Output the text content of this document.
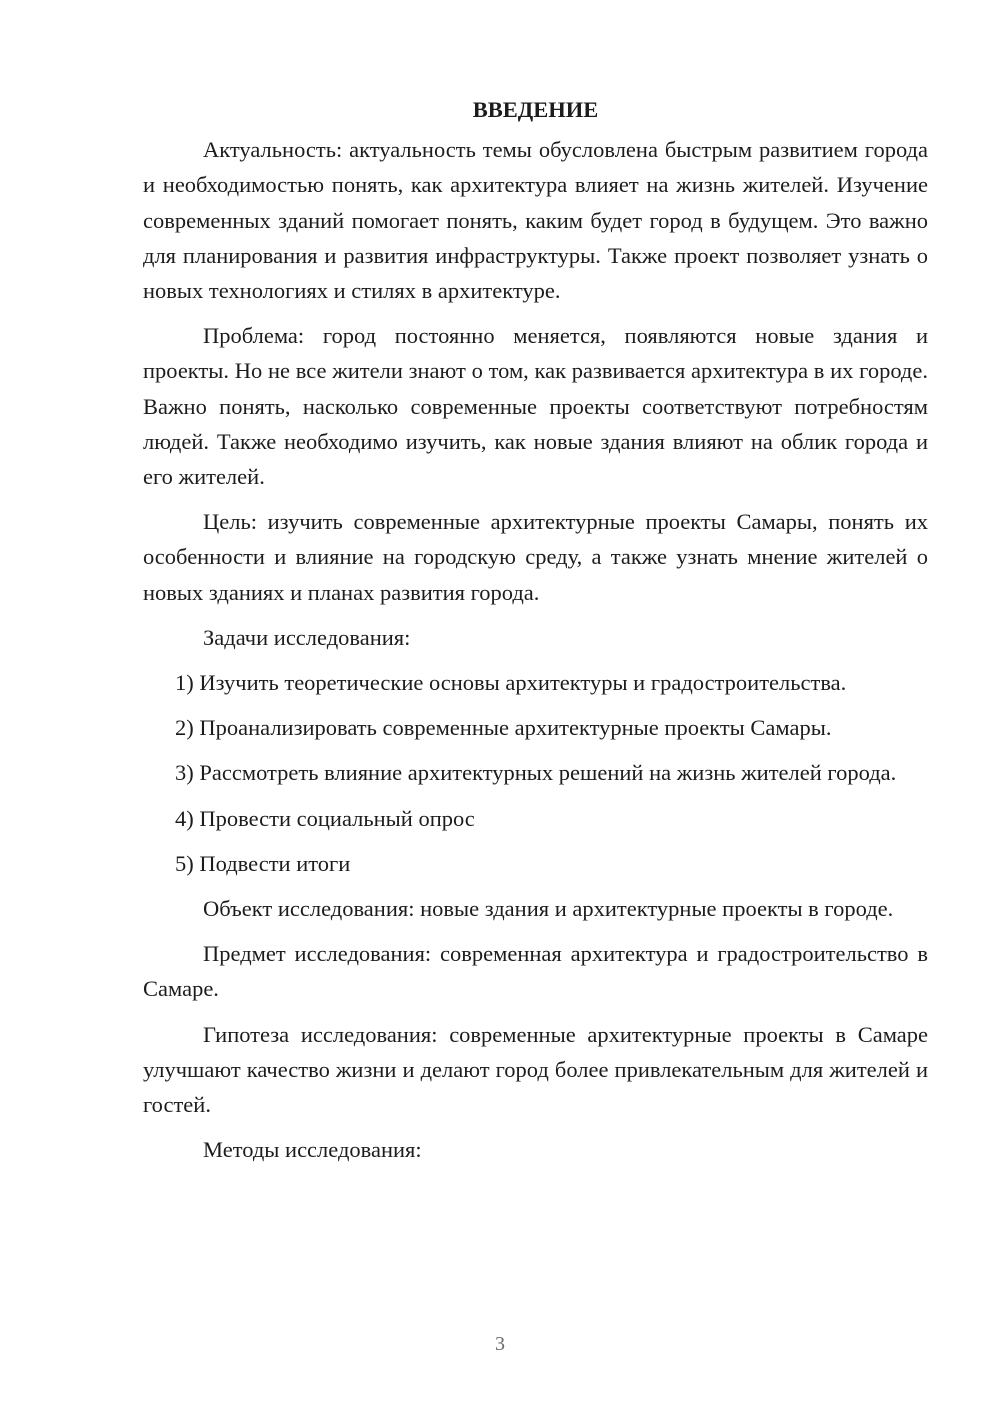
ВВЕДЕНИЕ

Актуальность: актуальность темы обусловлена быстрым развитием города и необходимостью понять, как архитектура влияет на жизнь жителей. Изучение современных зданий помогает понять, каким будет город в будущем. Это важно для планирования и развития инфраструктуры. Также проект позволяет узнать о новых технологиях и стилях в архитектуре.

Проблема: город постоянно меняется, появляются новые здания и проекты. Но не все жители знают о том, как развивается архитектура в их городе. Важно понять, насколько современные проекты соответствуют потребностям людей. Также необходимо изучить, как новые здания влияют на облик города и его жителей.

Цель: изучить современные архитектурные проекты Самары, понять их особенности и влияние на городскую среду, а также узнать мнение жителей о новых зданиях и планах развития города.

Задачи исследования:

1) Изучить теоретические основы архитектуры и градостроительства.

2) Проанализировать современные архитектурные проекты Самары.

3) Рассмотреть влияние архитектурных решений на жизнь жителей города.

4) Провести социальный опрос

5) Подвести итоги

Объект исследования: новые здания и архитектурные проекты в городе.

Предмет исследования: современная архитектура и градостроительство в Самаре.

Гипотеза исследования: современные архитектурные проекты в Самаре улучшают качество жизни и делают город более привлекательным для жителей и гостей.

Методы исследования:

3
